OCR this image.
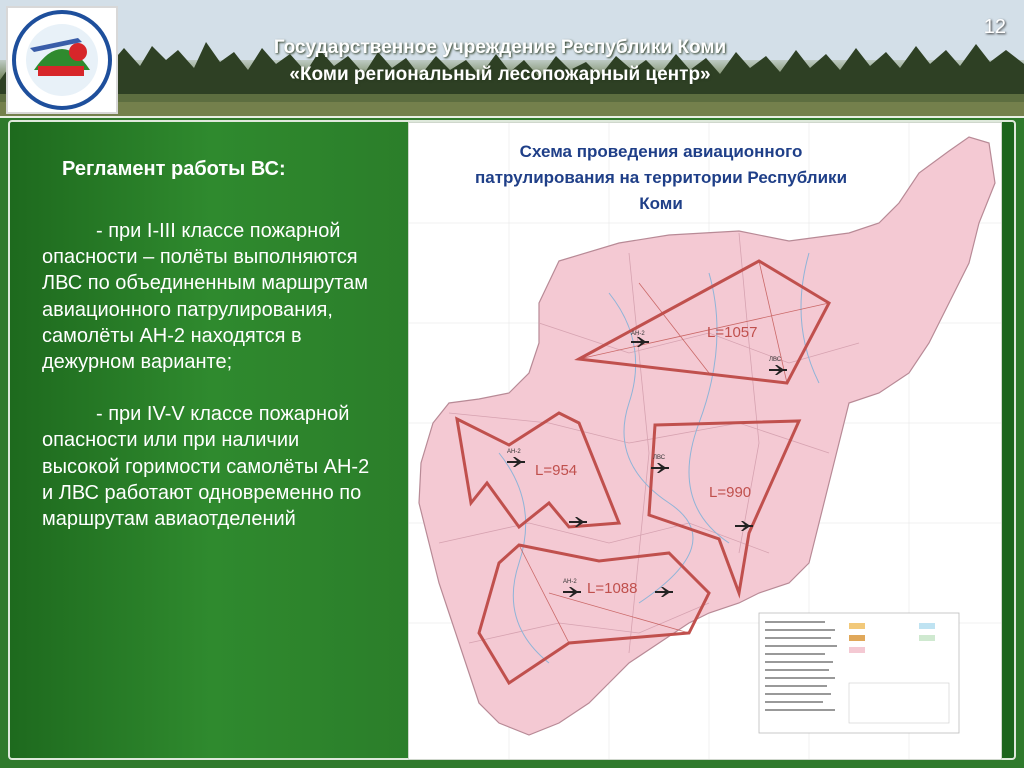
Государственное учреждение Республики Коми
«Коми региональный лесопожарный центр»
12
Регламент работы ВС:

- при I-III классе пожарной опасности – полёты выполняются ЛВС по объединенным маршрутам авиационного патрулирования, самолёты АН-2 находятся в дежурном варианте;

- при IV-V классе пожарной опасности или при наличии высокой горимости самолёты АН-2 и ЛВС работают одновременно по маршрутам авиаотделений

L=1057
L=954
L=990
L=1088
АН-2
ЛВС
АН-2
ЛВС
АН-2
Схема проведения авиационного патрулирования на территории Республики Коми
